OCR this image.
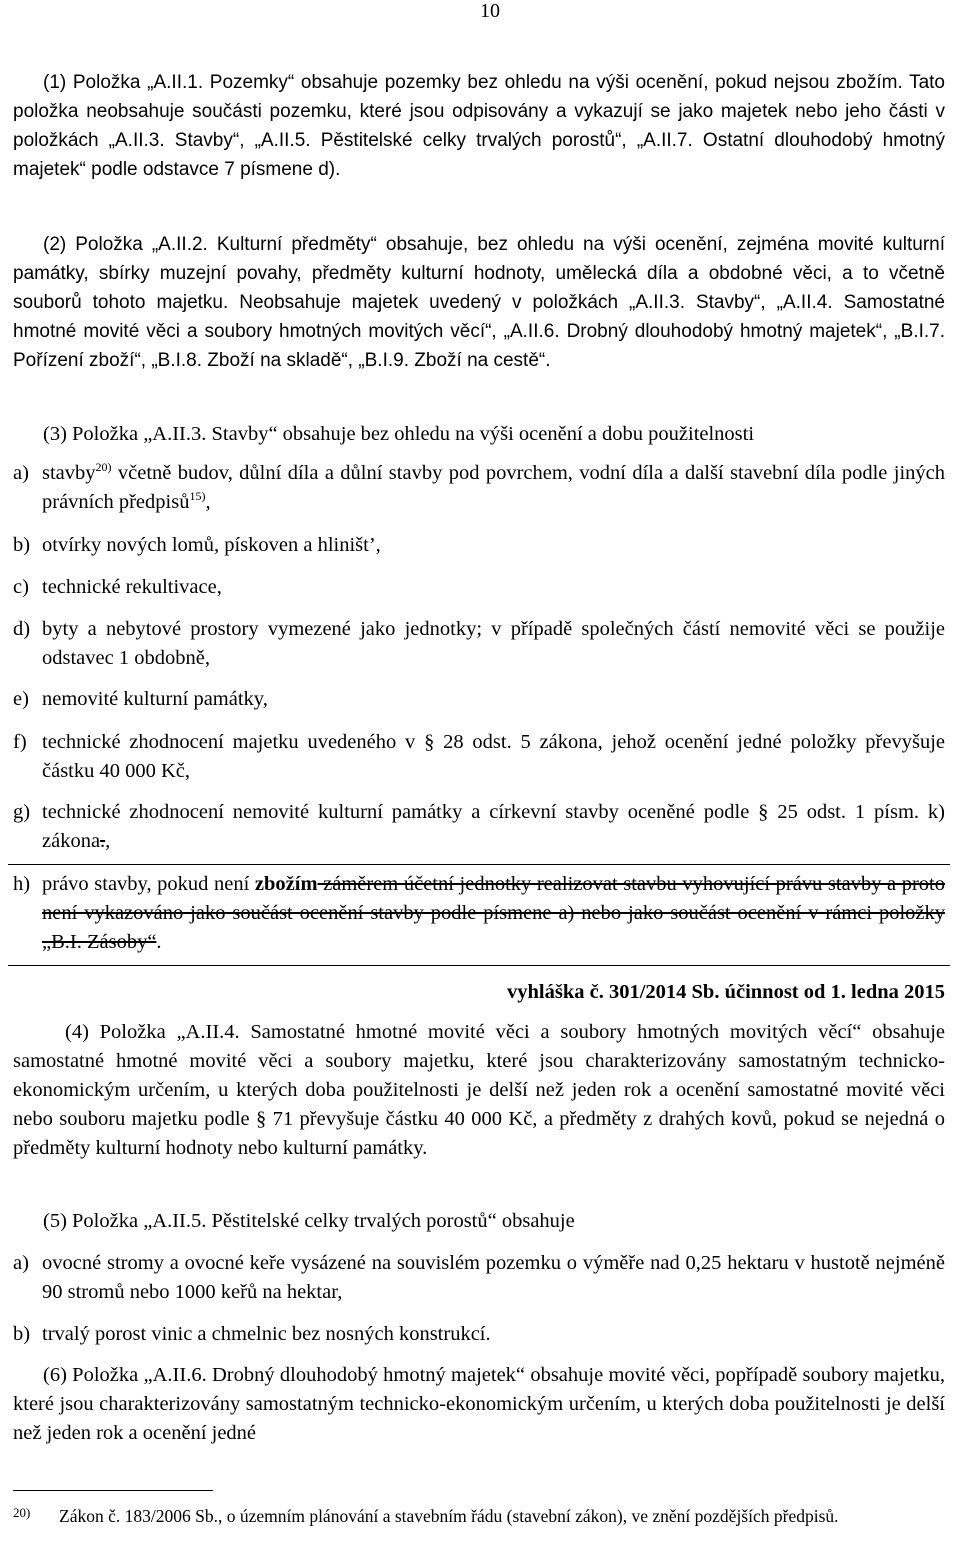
10

(1) Položka „A.II.1. Pozemky“ obsahuje pozemky bez ohledu na výši ocenění, pokud nejsou zbožím. Tato položka neobsahuje součásti pozemku, které jsou odpisovány a vykazují se jako majetek nebo jeho části v položkách „A.II.3. Stavby“, „A.II.5. Pěstitelské celky trvalých porostů“, „A.II.7. Ostatní dlouhodobý hmotný majetek“ podle odstavce 7 písmene d).

(2) Položka „A.II.2. Kulturní předměty“ obsahuje, bez ohledu na výši ocenění, zejména movité kulturní památky, sbírky muzejní povahy, předměty kulturní hodnoty, umělecká díla a obdobné věci, a to včetně souborů tohoto majetku. Neobsahuje majetek uvedený v položkách „A.II.3. Stavby“, „A.II.4. Samostatné hmotné movité věci a soubory hmotných movitých věcí“, „A.II.6. Drobný dlouhodobý hmotný majetek“, „B.I.7. Pořízení zboží“, „B.I.8. Zboží na skladě“, „B.I.9. Zboží na cestě“.

(3) Položka „A.II.3. Stavby“ obsahuje bez ohledu na výši ocenění a dobu použitelnosti

a) stavby$^{20)}$ včetně budov, důlní díla a důlní stavby pod povrchem, vodní díla a další stavební díla podle jiných právních předpisů$^{15)}$,
b) otvírky nových lomů, pískoven a hliništ’,
c) technické rekultivace,
d) byty a nebytové prostory vymezené jako jednotky; v případě společných částí nemovité věci se použije odstavec 1 obdobně,
e) nemovité kulturní památky,
f) technické zhodnocení majetku uvedeného v § 28 odst. 5 zákona, jehož ocenění jedné položky převyšuje částku 40 000 Kč,
g) technické zhodnocení nemovité kulturní památky a církevní stavby oceněné podle § 25 odst. 1 písm. k) zákona.,
h) právo stavby, pokud není zbožím záměrem účetní jednotky realizovat stavbu vyhovující právu stavby a proto není vykazováno jako součást ocenění stavby podle písmene a) nebo jako součást ocenění v rámci položky „B.I. Zásoby“.
vyhláška č. 301/2014 Sb. účinnost od 1. ledna 2015

(4) Položka „A.II.4. Samostatné hmotné movité věci a soubory hmotných movitých věcí“ obsahuje samostatné hmotné movité věci a soubory majetku, které jsou charakterizovány samostatným technicko-ekonomickým určením, u kterých doba použitelnosti je delší než jeden rok a ocenění samostatné movité věci nebo souboru majetku podle § 71 převyšuje částku 40 000 Kč, a předměty z drahých kovů, pokud se nejedná o předměty kulturní hodnoty nebo kulturní památky.

(5) Položka „A.II.5. Pěstitelské celky trvalých porostů“ obsahuje

a) ovocné stromy a ovocné keře vysázené na souvislém pozemku o výměře nad 0,25 hektaru v hustotě nejméně 90 stromů nebo 1000 keřů na hektar,
b) trvalý porost vinic a chmelnic bez nosných konstrukcí.

(6) Položka „A.II.6. Drobný dlouhodobý hmotný majetek“ obsahuje movité věci, popřípadě soubory majetku, které jsou charakterizovány samostatným technicko-ekonomickým určením, u kterých doba použitelnosti je delší než jeden rok a ocenění jedné

20)	Zákon č. 183/2006 Sb., o územním plánování a stavebním řádu (stavební zákon), ve znění pozdějších předpisů.
